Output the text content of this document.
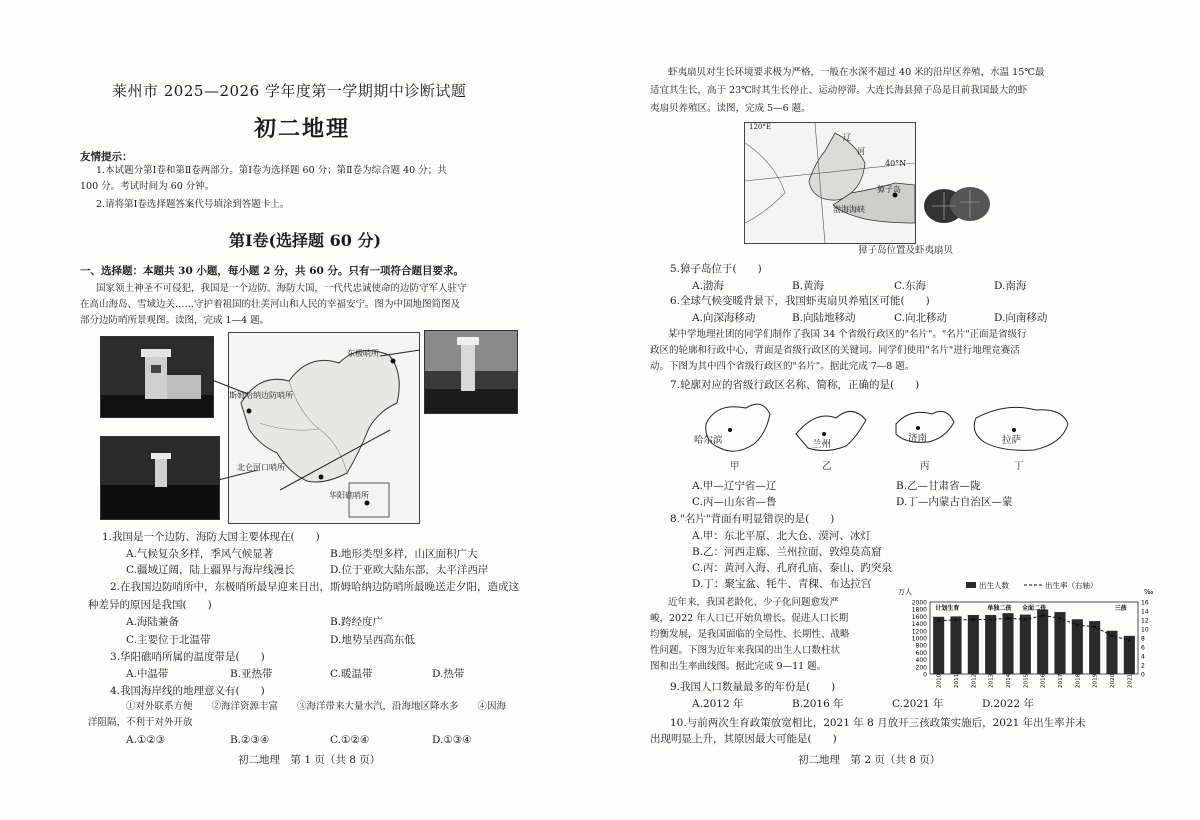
莱州市 2025—2026 学年度第一学期期中诊断试题
初二地理
友情提示：
1.本试题分第Ⅰ卷和第Ⅱ卷两部分。第Ⅰ卷为选择题 60 分；第Ⅱ卷为综合题 40 分；共
100 分。考试时间为 60 分钟。
2.请将第Ⅰ卷选择题答案代号填涂到答题卡上。
第Ⅰ卷(选择题 60 分)
一、选择题：本题共 30 小题，每小题 2 分，共 60 分。只有一项符合题目要求。
国家领土神圣不可侵犯，我国是一个边防、海防大国，一代代忠诚使命的边防守军人驻守
在高山海岛、雪域边关……守护着祖国的壮美河山和人民的幸福安宁。图为中国地图简图及
部分边防哨所景观图。读图，完成 1—4 题。
东极哨所
斯姆哈纳边防哨所
北仑河口哨所
华阳礁哨所
1.我国是一个边防、海防大国主要体现在(　　)
A.气候复杂多样，季风气候显著	B.地形类型多样，山区面积广大
C.疆域辽阔，陆上疆界与海岸线漫长	D.位于亚欧大陆东部，太平洋西岸
2.在我国边防哨所中，东极哨所最早迎来日出，斯姆哈纳边防哨所最晚送走夕阳，造成这
种差异的原因是我国(　　)
A.海陆兼备	B.跨经度广
C.主要位于北温带	D.地势呈西高东低
3.华阳礁哨所属的温度带是(　　)
A.中温带	B.亚热带	C.暖温带	D.热带
4.我国海岸线的地理意义有(　　)
①对外联系方便　　②海洋资源丰富　　③海洋带来大量水汽，沿海地区降水多　　④因海
洋阻隔，不利于对外开放
A.①②③	B.②③④	C.①②④	D.①③④
初二地理　第 1 页（共 8 页）
虾夷扇贝对生长环境要求极为严格，一般在水深不超过 40 米的沿岸区养殖，水温 15℃最
适宜其生长，高于 23℃时其生长停止、运动停滞。大连长海县獐子岛是目前我国最大的虾
夷扇贝养殖区。读图，完成 5—6 题。
辽
河
40°N
渤海海峡
獐子岛
120°E
獐子岛位置及虾夷扇贝
5.獐子岛位于(　　)
A.渤海	B.黄海	C.东海	D.南海
6.全球气候变暖背景下，我国虾夷扇贝养殖区可能(　　)
A.向深海移动	B.向陆地移动	C.向北移动	D.向南移动
某中学地理社团的同学们制作了我国 34 个省级行政区的"名片"。"名片"正面是省级行
政区的轮廓和行政中心，背面是省级行政区的关键词。同学们使用"名片"进行地理竞赛活
动。下图为其中四个省级行政区的"名片"。据此完成 7—8 题。
7.轮廓对应的省级行政区名称、简称，正确的是(　　)
哈尔滨	兰州
济南	拉萨
甲	乙	丙	丁
A.甲—辽宁省—辽	B.乙—甘肃省—陇
C.丙—山东省—鲁	D.丁—内蒙古自治区—蒙
8."名片"背面有明显错误的是(　　)
A.甲：东北平原、北大仓、漠河、冰灯
B.乙：河西走廊、兰州拉面、敦煌莫高窟
C.丙：黄河入海、孔府孔庙、泰山、趵突泉
D.丁：聚宝盆、牦牛、青稞、布达拉宫
近年来，我国老龄化、少子化问题愈发严
峻，2022 年人口已开始负增长。促进人口长期
均衡发展，是我国面临的全局性、长期性、战略
性问题。下图为近年来我国的出生人口数柱状
图和出生率曲线图。据此完成 9—11 题。
出生人数	出生率（右轴）
万人	‰
2000
1800
1600
1400
1200
1000
800
600
400
200
0
16
14
12
10
8
6
4
2
0
2010 2011 2012 2013 2014 2015 2016 2017 2018 2019 2020 2021
计划生育	单独二孩 全面二孩	三孩
9.我国人口数量最多的年份是(　　)
A.2012 年	B.2016 年	C.2021 年	D.2022 年
10.与前两次生育政策放宽相比，2021 年 8 月放开三孩政策实施后，2021 年出生率并未
出现明显上升，其原因最大可能是(　　)
初二地理　第 2 页（共 8 页）
